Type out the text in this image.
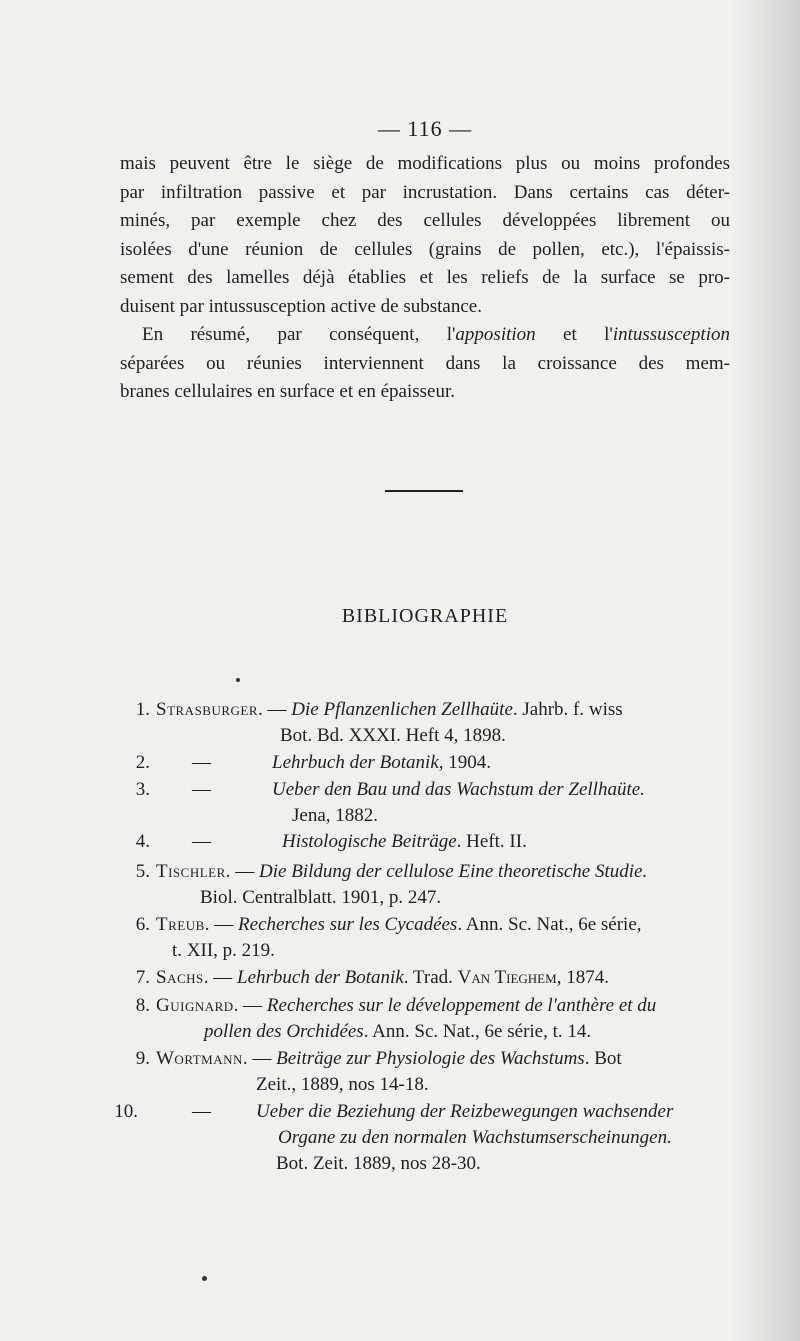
— 116 —

mais peuvent être le siège de modifications plus ou moins profondes
par infiltration passive et par incrustation. Dans certains cas déter-
minés, par exemple chez des cellules développées librement ou
isolées d'une réunion de cellules (grains de pollen, etc.), l'épaissis-
sement des lamelles déjà établies et les reliefs de la surface se pro-
duisent par intussusception active de substance.

En résumé, par conséquent, l'apposition et l'intussusception
séparées ou réunies interviennent dans la croissance des mem-
branes cellulaires en surface et en épaisseur.

BIBLIOGRAPHIE
1. Strasburger. — Die Pflanzenlichen Zellhaüte. Jahrb. f. wiss
Bot. Bd. XXXI. Heft 4, 1898.
2. —	Lehrbuch der Botanik, 1904.
3. —	Ueber den Bau und das Wachstum der Zellhaüte.
Jena, 1882.
4. —	Histologische Beiträge. Heft. II.
5. Tischler. — Die Bildung der cellulose Eine theoretische Studie.
Biol. Centralblatt. 1901, p. 247.
6. Treub. — Recherches sur les Cycadées. Ann. Sc. Nat., 6e série,
t. XII, p. 219.
7. Sachs. — Lehrbuch der Botanik. Trad. Van Tieghem, 1874.
8. Guignard. — Recherches sur le développement de l'anthère et du
pollen des Orchidées. Ann. Sc. Nat., 6e série, t. 14.
9. Wortmann. — Beiträge zur Physiologie des Wachstums. Bot
Zeit., 1889, nos 14-18.
10.	— Ueber die Beziehung der Reizbewegungen wachsender
Organe zu den normalen Wachstumserscheinungen.
Bot. Zeit. 1889, nos 28-30.
